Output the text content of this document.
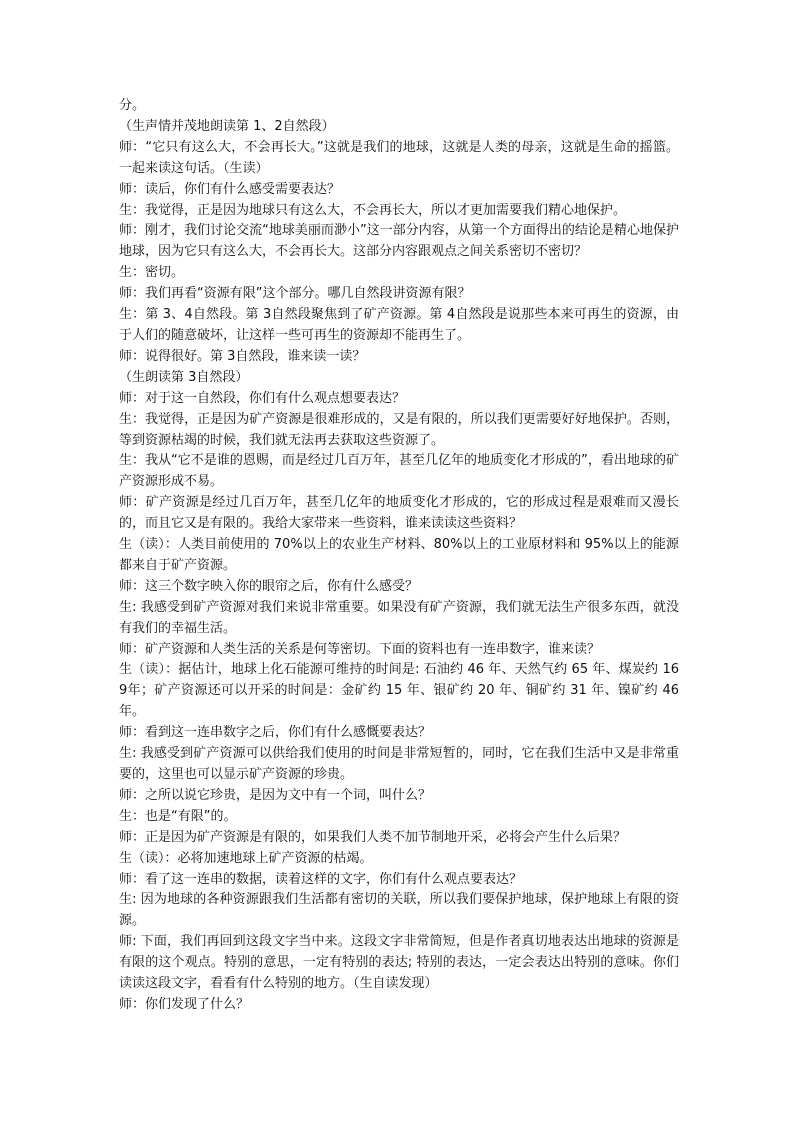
分。

（生声情并茂地朗读第 1、2自然段）

师：“它只有这么大，不会再长大。”这就是我们的地球，这就是人类的母亲，这就是生命的摇篮。一起来读这句话。（生读）

师：读后，你们有什么感受需要表达？

生：我觉得，正是因为地球只有这么大，不会再长大，所以才更加需要我们精心地保护。

师：刚才，我们讨论交流“地球美丽而渺小”这一部分内容，从第一个方面得出的结论是精心地保护地球，因为它只有这么大，不会再长大。这部分内容跟观点之间关系密切不密切？

生：密切。

师：我们再看“资源有限”这个部分。哪几自然段讲资源有限？

生：第 3、4自然段。第 3自然段聚焦到了矿产资源。第 4自然段是说那些本来可再生的资源，由于人们的随意破坏，让这样一些可再生的资源却不能再生了。

师：说得很好。第 3自然段，谁来读一读？

（生朗读第 3自然段）

师：对于这一自然段，你们有什么观点想要表达？

生：我觉得，正是因为矿产资源是很难形成的，又是有限的，所以我们更需要好好地保护。否则，等到资源枯竭的时候，我们就无法再去获取这些资源了。

生：我从“它不是谁的恩赐，而是经过几百万年，甚至几亿年的地质变化才形成的”，看出地球的矿产资源形成不易。

师：矿产资源是经过几百万年，甚至几亿年的地质变化才形成的，它的形成过程是艰难而又漫长的，而且它又是有限的。我给大家带来一些资料，谁来读读这些资料？

生（读）：人类目前使用的 70%以上的农业生产材料、80%以上的工业原材料和 95%以上的能源都来自于矿产资源。

师：这三个数字映入你的眼帘之后，你有什么感受？

生: 我感受到矿产资源对我们来说非常重要。如果没有矿产资源，我们就无法生产很多东西，就没有我们的幸福生活。

师：矿产资源和人类生活的关系是何等密切。下面的资料也有一连串数字，谁来读？

生（读）：据估计，地球上化石能源可维持的时间是: 石油约 46 年、天然气约 65 年、煤炭约 169年；矿产资源还可以开采的时间是：金矿约 15 年、银矿约 20 年、铜矿约 31 年、镍矿约 46年。

师：看到这一连串数字之后，你们有什么感慨要表达？

生: 我感受到矿产资源可以供给我们使用的时间是非常短暂的，同时，它在我们生活中又是非常重要的，这里也可以显示矿产资源的珍贵。

师：之所以说它珍贵，是因为文中有一个词，叫什么？

生：也是“有限”的。

师：正是因为矿产资源是有限的，如果我们人类不加节制地开采，必将会产生什么后果？

生（读）：必将加速地球上矿产资源的枯竭。

师：看了这一连串的数据，读着这样的文字，你们有什么观点要表达？

生: 因为地球的各种资源跟我们生活都有密切的关联，所以我们要保护地球，保护地球上有限的资源。

师: 下面，我们再回到这段文字当中来。这段文字非常简短，但是作者真切地表达出地球的资源是有限的这个观点。特别的意思，一定有特别的表达; 特别的表达，一定会表达出特别的意味。你们读读这段文字，看看有什么特别的地方。（生自读发现）

师：你们发现了什么？
